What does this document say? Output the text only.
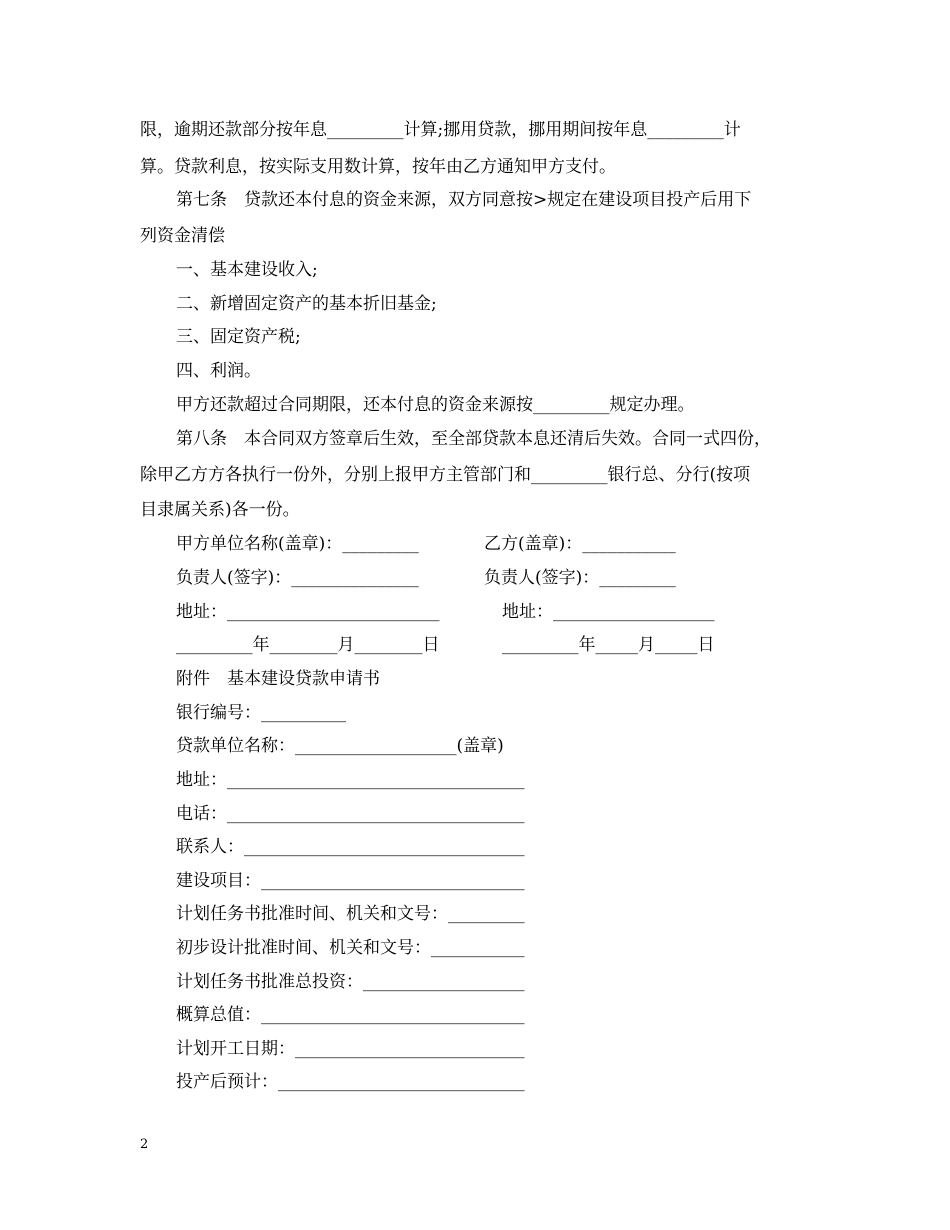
限，逾期还款部分按年息_________计算;挪用贷款，挪用期间按年息_________计
算。贷款利息，按实际支用数计算，按年由乙方通知甲方支付。
第七条　贷款还本付息的资金来源，双方同意按>规定在建设项目投产后用下
列资金清偿
一、基本建设收入;
二、新增固定资产的基本折旧基金;
三、固定资产税;
四、利润。
甲方还款超过合同期限，还本付息的资金来源按_________规定办理。
第八条　本合同双方签章后生效，至全部贷款本息还清后失效。合同一式四份，
除甲乙方方各执行一份外，分别上报甲方主管部门和_________银行总、分行(按项
目隶属关系)各一份。
甲方单位名称(盖章)：_________	乙方(盖章)：___________
负责人(签字)：_______________	负责人(签字)：_________
地址：_________________________	地址：___________________
_________年________月________日	_________年_____月_____日
附件　基本建设贷款申请书
银行编号：__________
贷款单位名称：___________________(盖章)
地址：___________________________________
电话：___________________________________
联系人：_________________________________
建设项目：_______________________________
计划任务书批准时间、机关和文号：_________
初步设计批准时间、机关和文号：___________
计划任务书批准总投资：___________________
概算总值：_______________________________
计划开工日期：___________________________
投产后预计：_____________________________
2
